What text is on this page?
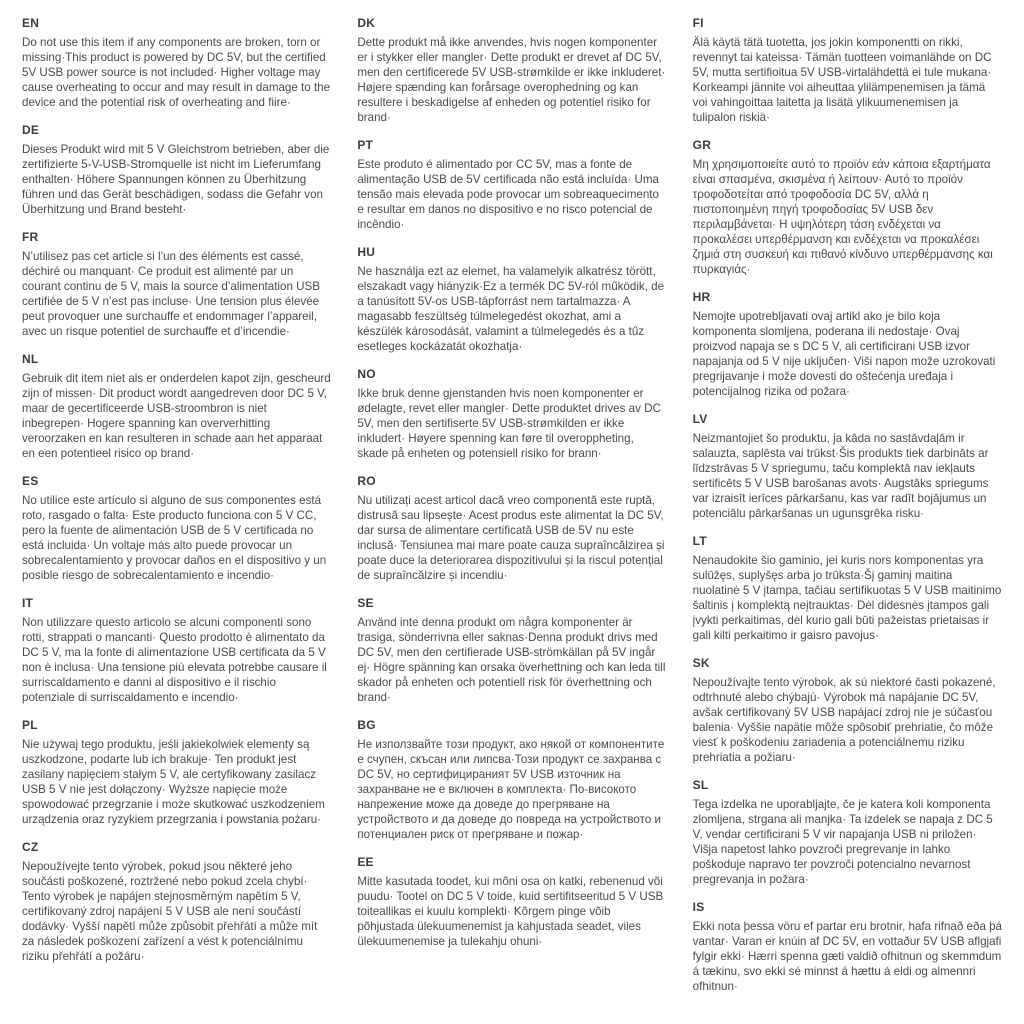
EN

Do not use this item if any components are broken, torn or missing·This product is powered by DC 5V, but the certified 5V USB power source is not included· Higher voltage may cause overheating to occur and may result in damage to the device and the potential risk of overheating and fiire·

DE

Dieses Produkt wird mit 5 V Gleichstrom betrieben, aber die zertifizierte 5-V-USB-Stromquelle ist nicht im Lieferumfang enthalten· Höhere Spannungen können zu Überhitzung führen und das Gerät beschädigen, sodass die Gefahr von Überhitzung und Brand besteht·

FR

N’utilisez pas cet article si l’un des éléments est cassé, déchiré ou manquant· Ce produit est alimenté par un courant continu de 5 V, mais la source d’alimentation USB certifiée de 5 V n’est pas incluse· Une tension plus élevée peut provoquer une surchauffe et endommager l’appareil, avec un risque potentiel de surchauffe et d’incendie·

NL

Gebruik dit item niet als er onderdelen kapot zijn, gescheurd zijn of missen· Dit product wordt aangedreven door DC 5 V, maar de gecertificeerde USB-stroombron is niet inbegrepen· Hogere spanning kan oververhitting veroorzaken en kan resulteren in schade aan het apparaat en een potentieel risico op brand·

ES

No utilice este artículo si alguno de sus componentes está roto, rasgado o falta· Este producto funciona con 5 V CC, pero la fuente de alimentación USB de 5 V certificada no está incluida· Un voltaje más alto puede provocar un sobrecalentamiento y provocar daños en el dispositivo y un posible riesgo de sobrecalentamiento e incendio·

IT

Non utilizzare questo articolo se alcuni componenti sono rotti, strappati o mancanti· Questo prodotto è alimentato da DC 5 V, ma la fonte di alimentazione USB certificata da 5 V non è inclusa· Una tensione più elevata potrebbe causare il surriscaldamento e danni al dispositivo e il rischio potenziale di surriscaldamento e incendio·

PL

Nie używaj tego produktu, jeśli jakiekolwiek elementy są uszkodzone, podarte lub ich brakuje· Ten produkt jest zasilany napięciem stałym 5 V, ale certyfikowany zasilacz USB 5 V nie jest dołączony· Wyższe napięcie może spowodować przegrzanie i może skutkować uszkodzeniem urządzenia oraz ryzykiem przegrzania i powstania pożaru·

CZ

Nepoužívejte tento výrobek, pokud jsou některé jeho součásti poškozené, roztržené nebo pokud zcela chybí· Tento výrobek je napájen stejnosměrným napětím 5 V, certifikovaný zdroj napájení 5 V USB ale není součástí dodávky· Vyšší napětí může způsobit přehřátí a může mít za následek poškození zařízení a vést k potenciálnímu riziku přehřátí a požáru·

DK

Dette produkt må ikke anvendes, hvis nogen komponenter er i stykker eller mangler· Dette produkt er drevet af DC 5V, men den certificerede 5V USB-strømkilde er ikke inkluderet· Højere spænding kan forårsage overophedning og kan resultere i beskadigelse af enheden og potentiel risiko for brand·

PT

Este produto é alimentado por CC 5V, mas a fonte de alimentação USB de 5V certificada não está incluída· Uma tensão mais elevada pode provocar um sobreaquecimento e resultar em danos no dispositivo e no risco potencial de incêndio·

HU

Ne használja ezt az elemet, ha valamelyik alkatrész törött, elszakadt vagy hiányzik·Ez a termék DC 5V-ról működik, de a tanúsított 5V-os USB-tápforrást nem tartalmazza· A magasabb feszültség túlmelegedést okozhat, ami a készülék károsodását, valamint a túlmelegedés és a tűz esetleges kockázatát okozhatja·

NO

Ikke bruk denne gjenstanden hvis noen komponenter er ødelagte, revet eller mangler· Dette produktet drives av DC 5V, men den sertifiserte 5V USB-strømkilden er ikke inkludert· Høyere spenning kan føre til overoppheting, skade på enheten og potensiell risiko for brann·

RO

Nu utilizați acest articol dacă vreo componentă este ruptă, distrusă sau lipsește· Acest produs este alimentat la DC 5V, dar sursa de alimentare certificată USB de 5V nu este inclusă· Tensiunea mai mare poate cauza supraîncălzirea și poate duce la deteriorarea dispozitivului și la riscul potențial de supraîncălzire și incendiu·

SE

Använd inte denna produkt om några komponenter är trasiga, sönderrivna eller saknas·Denna produkt drivs med DC 5V, men den certifierade USB-strömkällan på 5V ingår ej· Högre spänning kan orsaka överhettning och kan leda till skador på enheten och potentiell risk för överhettning och brand·

BG

Не използвайте този продукт, ако някой от компонентите е счупен, скъсан или липсва·Този продукт се захранва с DC 5V, но сертифицираният 5V USB източник на захранване не е включен в комплекта· По-високото напрежение може да доведе до прегряване на устройството и да доведе до повреда на устройството и потенциален риск от прегряване и пожар·

EE

Mitte kasutada toodet, kui mõni osa on katki, rebenenud või puudu· Tootel on DC 5 V toide, kuid sertifitseeritud 5 V USB toiteallikas ei kuulu komplekti· Kõrgem pinge võib põhjustada ülekuumenemist ja kahjustada seadet, viies ülekuumenemise ja tulekahju ohuni·

FI

Älä käytä tätä tuotetta, jos jokin komponentti on rikki, revennyt tai kateissa· Tämän tuotteen voimanlähde on DC 5V, mutta sertifioitua 5V USB-virtalähdettä ei tule mukana· Korkeampi jännite voi aiheuttaa ylilämpenemisen ja tämä voi vahingoittaa laitetta ja lisätä ylikuumenemisen ja tulipalon riskiä·

GR

Μη χρησιμοποιείτε αυτό το προϊόν εάν κάποια εξαρτήματα είναι σπασμένα, σκισμένα ή λείπουν· Αυτό το προϊόν τροφοδοτείται από τροφοδοσία DC 5V, αλλά η πιστοποιημένη πηγή τροφοδοσίας 5V USB δεν περιλαμβάνεται· Η υψηλότερη τάση ενδέχεται να προκαλέσει υπερθέρμανση και ενδέχεται να προκαλέσει ζημιά στη συσκευή και πιθανό κίνδυνο υπερθέρμανσης και πυρκαγιάς·

HR

Nemojte upotrebljavati ovaj artikl ako je bilo koja komponenta slomljena, poderana ili nedostaje· Ovaj proizvod napaja se s DC 5 V, ali certificirani USB izvor napajanja od 5 V nije uključen· Viši napon može uzrokovati pregrijavanje i može dovesti do oštećenja uređaja i potencijalnog rizika od požara·

LV

Neizmantojiet šo produktu, ja kāda no sastāvdaļām ir salauzta, saplēsta vai trūkst·Šis produkts tiek darbināts ar līdzstrāvas 5 V spriegumu, taču komplektā nav iekļauts sertificēts 5 V USB barošanas avots· Augstāks spriegums var izraisīt ierīces pārkaršanu, kas var radīt bojājumus un potenciālu pārkaršanas un ugunsgrēka risku·

LT

Nenaudokite šio gaminio, jei kuris nors komponentas yra sulūžęs, suplyšęs arba jo trūksta·Šį gaminį maitina nuolatinė 5 V įtampa, tačiau sertifikuotas 5 V USB maitinimo šaltinis į komplektą neįtrauktas· Dėl didesnės įtampos gali įvykti perkaitimas, dėl kurio gali būti pažeistas prietaisas ir gali kilti perkaitimo ir gaisro pavojus·

SK

Nepoužívajte tento výrobok, ak sú niektoré časti pokazené, odtrhnuté alebo chýbajú· Výrobok má napájanie DC 5V, avšak certifikovaný 5V USB napájací zdroj nie je súčasťou balenia· Vyššie napätie môže spôsobiť prehriatie, čo môže viesť k poškodeniu zariadenia a potenciálnemu riziku prehriatia a požiaru·

SL

Tega izdelka ne uporabljajte, če je katera koli komponenta zlomljena, strgana ali manjka· Ta izdelek se napaja z DC 5 V, vendar certificirani 5 V vir napajanja USB ni priložen· Višja napetost lahko povzroči pregrevanje in lahko poškoduje napravo ter povzroči potencialno nevarnost pregrevanja in požara·

IS

Ekki nota þessa vöru ef partar eru brotnir, hafa rifnað eða þá vantar· Varan er knúin af DC 5V, en vottaður 5V USB aflgjafi fylgir ekki· Hærri spenna gæti valdið ofhitnun og skemmdum á tækinu, svo ekki sé minnst á hættu á eldi og almennri ofhitnun·
